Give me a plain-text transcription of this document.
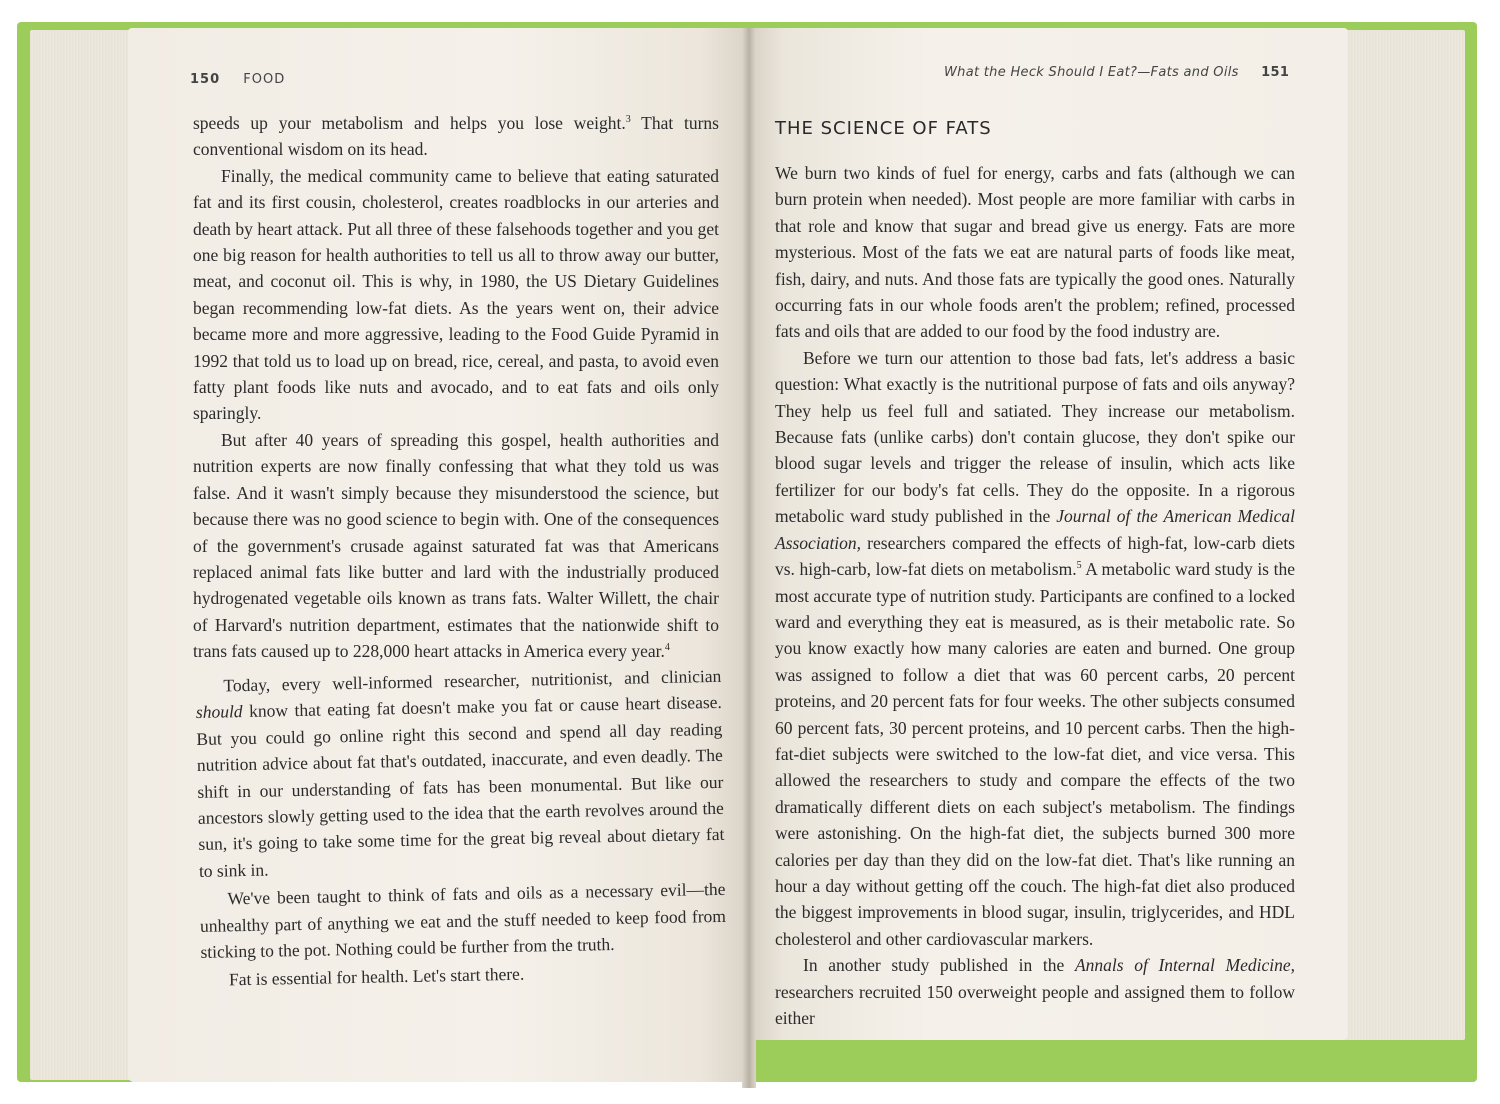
150 FOOD	What the Heck Should I Eat?—Fats and Oils 151

speeds up your metabolism and helps you lose weight.$^3$ That turns conventional wisdom on its head.

Finally, the medical community came to believe that eating saturated fat and its first cousin, cholesterol, creates roadblocks in our arteries and death by heart attack. Put all three of these falsehoods together and you get one big reason for health authorities to tell us all to throw away our butter, meat, and coconut oil. This is why, in 1980, the US Dietary Guidelines began recommending low-fat diets. As the years went on, their advice became more and more aggressive, leading to the Food Guide Pyramid in 1992 that told us to load up on bread, rice, cereal, and pasta, to avoid even fatty plant foods like nuts and avocado, and to eat fats and oils only sparingly.

But after 40 years of spreading this gospel, health authorities and nutrition experts are now finally confessing that what they told us was false. And it wasn't simply because they misunderstood the science, but because there was no good science to begin with. One of the consequences of the government's crusade against saturated fat was that Americans replaced animal fats like butter and lard with the industrially produced hydrogenated vegetable oils known as trans fats. Walter Willett, the chair of Harvard's nutrition department, estimates that the nationwide shift to trans fats caused up to 228,000 heart attacks in America every year.$^4$

Today, every well-informed researcher, nutritionist, and clinician should know that eating fat doesn't make you fat or cause heart disease. But you could go online right this second and spend all day reading nutrition advice about fat that's outdated, inaccurate, and even deadly. The shift in our understanding of fats has been monumental. But like our ancestors slowly getting used to the idea that the earth revolves around the sun, it's going to take some time for the great big reveal about dietary fat to sink in.

We've been taught to think of fats and oils as a necessary evil—the unhealthy part of anything we eat and the stuff needed to keep food from sticking to the pot. Nothing could be further from the truth.

Fat is essential for health. Let's start there.

THE SCIENCE OF FATS

We burn two kinds of fuel for energy, carbs and fats (although we can burn protein when needed). Most people are more familiar with carbs in that role and know that sugar and bread give us energy. Fats are more mysterious. Most of the fats we eat are natural parts of foods like meat, fish, dairy, and nuts. And those fats are typically the good ones. Naturally occurring fats in our whole foods aren't the problem; refined, processed fats and oils that are added to our food by the food industry are.

Before we turn our attention to those bad fats, let's address a basic question: What exactly is the nutritional purpose of fats and oils anyway? They help us feel full and satiated. They increase our metabolism. Because fats (unlike carbs) don't contain glucose, they don't spike our blood sugar levels and trigger the release of insulin, which acts like fertilizer for our body's fat cells. They do the opposite. In a rigorous metabolic ward study published in the Journal of the American Medical Association, researchers compared the effects of high-fat, low-carb diets vs. high-carb, low-fat diets on metabolism.$^5$ A metabolic ward study is the most accurate type of nutrition study. Participants are confined to a locked ward and everything they eat is measured, as is their metabolic rate. So you know exactly how many calories are eaten and burned. One group was assigned to follow a diet that was 60 percent carbs, 20 percent proteins, and 20 percent fats for four weeks. The other subjects consumed 60 percent fats, 30 percent proteins, and 10 percent carbs. Then the high-fat-diet subjects were switched to the low-fat diet, and vice versa. This allowed the researchers to study and compare the effects of the two dramatically different diets on each subject's metabolism. The findings were astonishing. On the high-fat diet, the subjects burned 300 more calories per day than they did on the low-fat diet. That's like running an hour a day without getting off the couch. The high-fat diet also produced the biggest improvements in blood sugar, insulin, triglycerides, and HDL cholesterol and other cardiovascular markers.

In another study published in the Annals of Internal Medicine, researchers recruited 150 overweight people and assigned them to follow either
